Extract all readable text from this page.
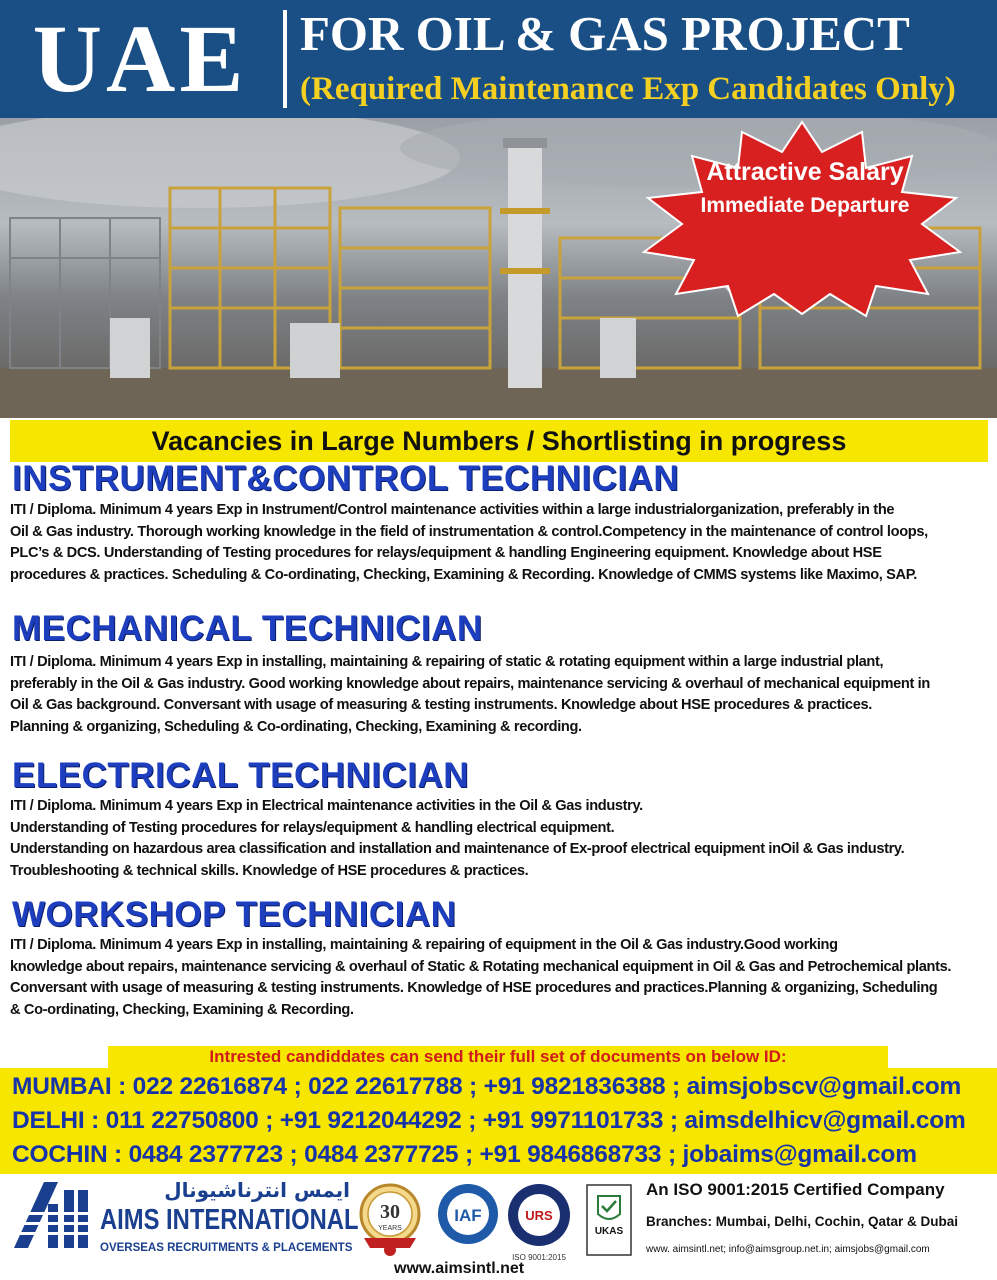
UAE	FOR OIL & GAS PROJECT
(Required Maintenance Exp Candidates Only)
Attractive Salary
Immediate Departure
Vacancies in Large Numbers / Shortlisting in progress
INSTRUMENT&CONTROL TECHNICIAN
ITI / Diploma. Minimum 4 years Exp in Instrument/Control maintenance activities within a large industrialorganization, preferably in the
Oil & Gas industry. Thorough working knowledge in the field of instrumentation & control.Competency in the maintenance of control loops,
PLC’s & DCS. Understanding of Testing procedures for relays/equipment & handling Engineering equipment. Knowledge about HSE
procedures & practices. Scheduling & Co-ordinating, Checking, Examining & Recording. Knowledge of CMMS systems like Maximo, SAP.
MECHANICAL TECHNICIAN
ITI / Diploma. Minimum 4 years Exp in installing, maintaining & repairing of static & rotating equipment within a large industrial plant,
preferably in the Oil & Gas industry. Good working knowledge about repairs, maintenance servicing & overhaul of mechanical equipment in
Oil & Gas background. Conversant with usage of measuring & testing instruments. Knowledge about HSE procedures & practices.
Planning & organizing, Scheduling & Co-ordinating, Checking, Examining & recording.
ELECTRICAL TECHNICIAN
ITI / Diploma. Minimum 4 years Exp in Electrical maintenance activities in the Oil & Gas industry.
Understanding of Testing procedures for relays/equipment & handling electrical equipment.
Understanding on hazardous area classification and installation and maintenance of Ex-proof electrical equipment inOil & Gas industry.
Troubleshooting & technical skills. Knowledge of HSE procedures & practices.
WORKSHOP TECHNICIAN
ITI / Diploma. Minimum 4 years Exp in installing, maintaining & repairing of equipment in the Oil & Gas industry.Good working
knowledge about repairs, maintenance servicing & overhaul of Static & Rotating mechanical equipment in Oil & Gas and Petrochemical plants.
Conversant with usage of measuring & testing instruments. Knowledge of HSE procedures and practices.Planning & organizing, Scheduling
& Co-ordinating, Checking, Examining & Recording.
Intrested candiddates can send their full set of documents on below ID:
MUMBAI : 022 22616874 ; 022 22617788 ; +91 9821836388 ; aimsjobscv@gmail.com
DELHI : 011 22750800 ; +91 9212044292 ; +91 9971101733 ; aimsdelhicv@gmail.com
COCHIN : 0484 2377723 ; 0484 2377725 ; +91 9846868733 ; jobaims@gmail.com
ايمس انترناشيونال
AIMS INTERNATIONAL
OVERSEAS RECRUITMENTS & PLACEMENTS
30
YEARS
IAF	URS
ISO 9001:2015
UKAS
An ISO 9001:2015 Certified Company
Branches: Mumbai, Delhi, Cochin, Qatar & Dubai
www. aimsintl.net; info@aimsgroup.net.in; aimsjobs@gmail.com
www.aimsintl.net
